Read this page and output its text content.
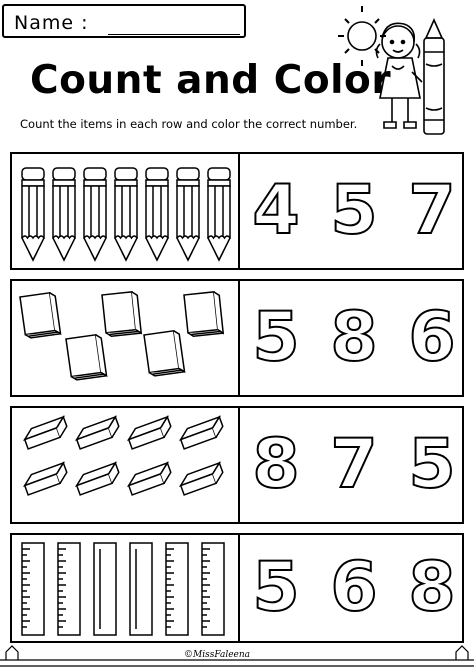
Name :
Count and Color
Count the items in each row and color the correct number.
4 5 7
5 8 6
8 7 5
5 6 8
©MissFaleena
